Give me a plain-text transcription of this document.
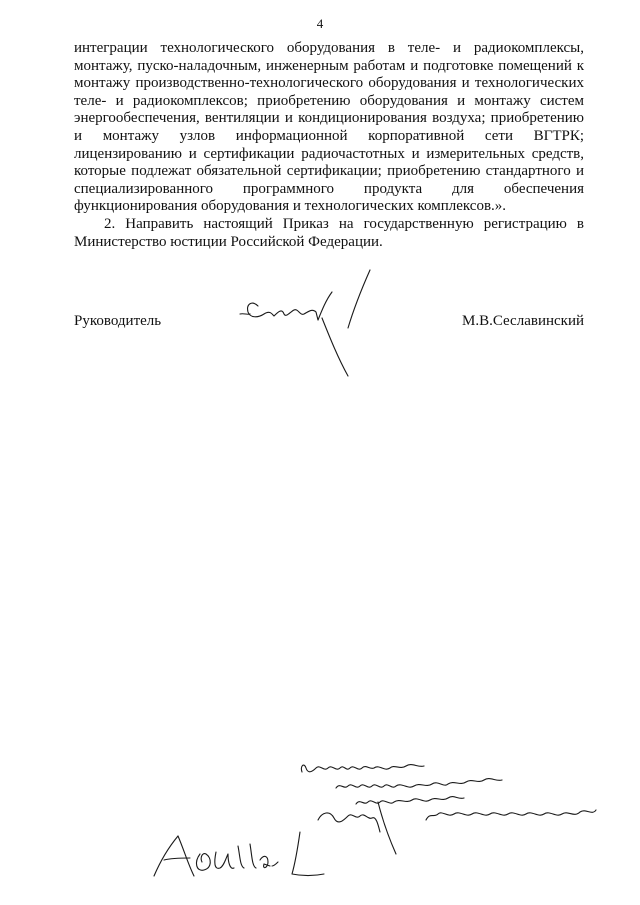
4

интеграции технологического оборудования в теле- и радиокомплексы, монтажу, пуско-наладочным, инженерным работам и подготовке помещений к монтажу производственно-технологического оборудования и технологических теле- и радиокомплексов; приобретению оборудования и монтажу систем энергообеспечения, вентиляции и кондиционирования воздуха; приобретению и монтажу узлов информационной корпоративной сети ВГТРК; лицензированию и сертификации радиочастотных и измерительных средств, которые подлежат обязательной сертификации; приобретению стандартного и специализированного программного продукта для обеспечения функционирования оборудования и технологических комплексов.».

2. Направить настоящий Приказ на государственную регистрацию в Министерство юстиции Российской Федерации.

Руководитель	М.В.Сеславинский
